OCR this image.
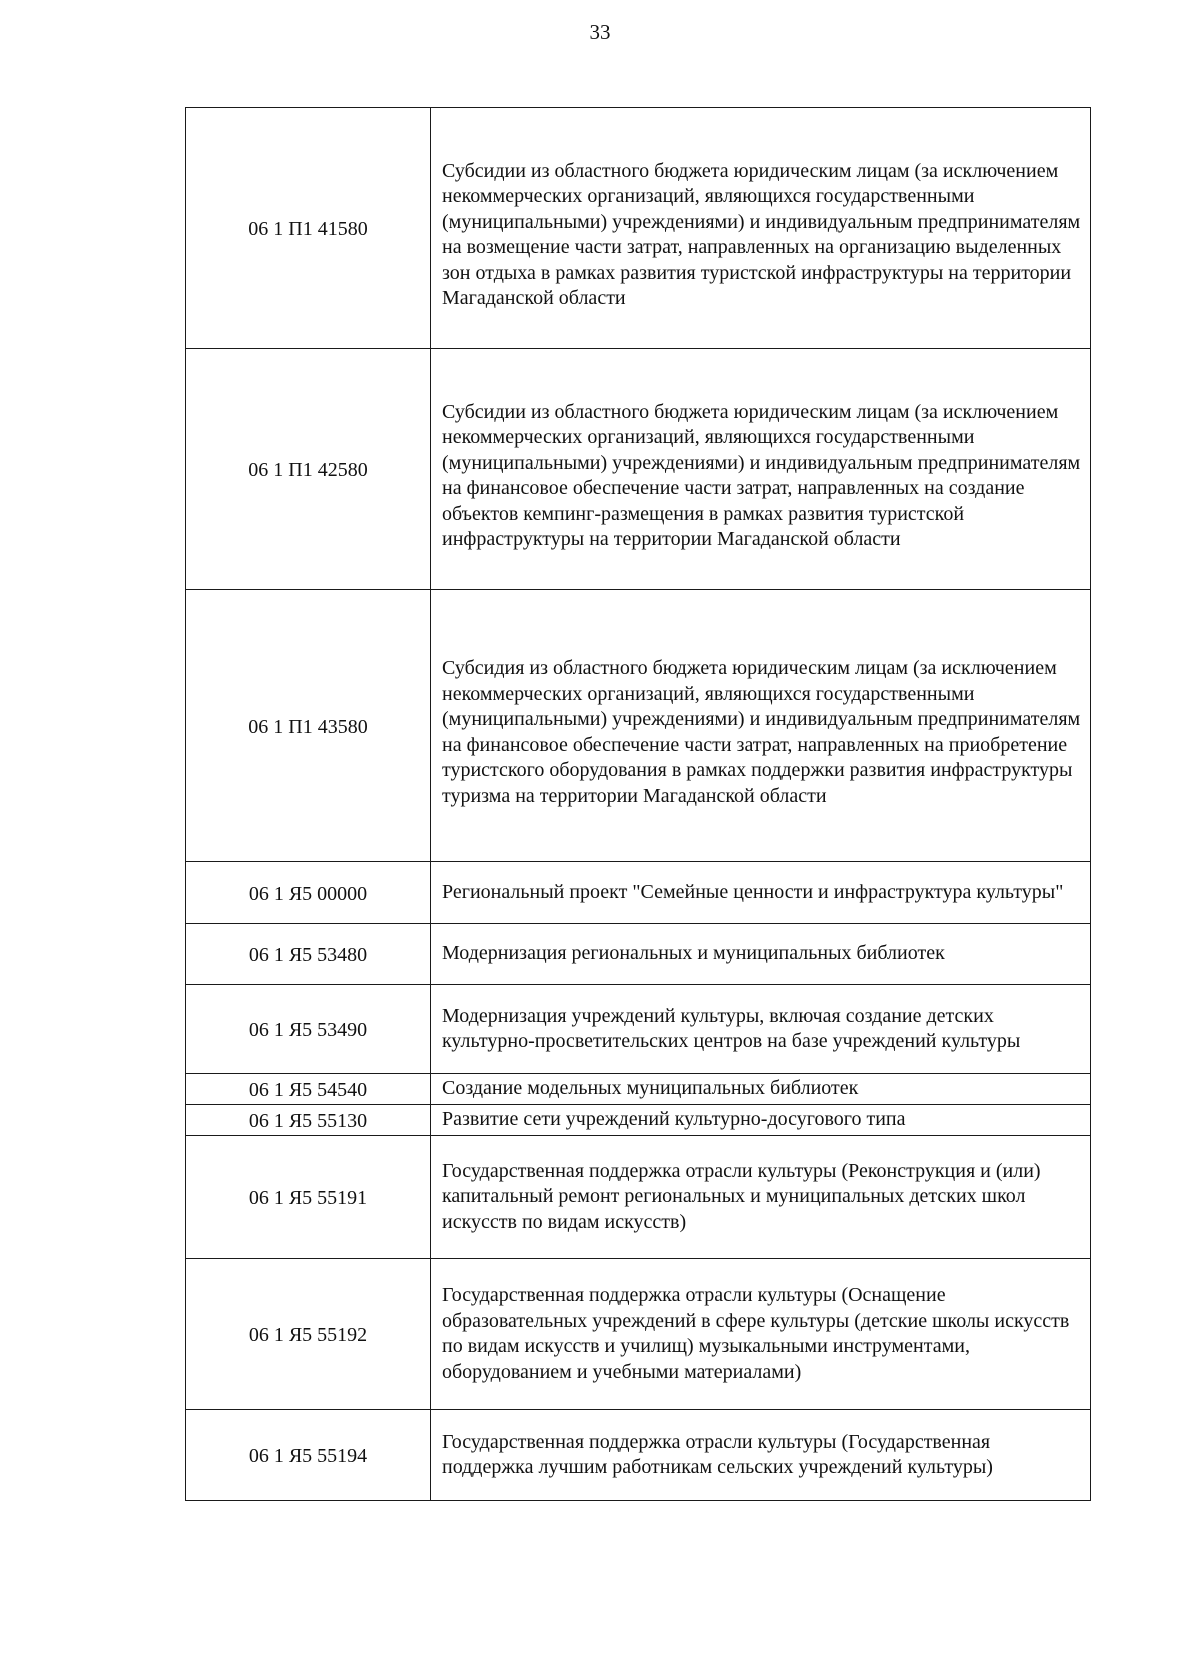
33
06 1 П1 41580	Субсидии из областного бюджета юридическим лицам (за исключением некоммерческих организаций, являющихся государственными (муниципальными) учреждениями) и индивидуальным предпринимателям на возмещение части затрат, направленных на организацию выделенных зон отдыха в рамках развития туристской инфраструктуры на территории Магаданской области

06 1 П1 42580	Субсидии из областного бюджета юридическим лицам (за исключением некоммерческих организаций, являющихся государственными (муниципальными) учреждениями) и индивидуальным предпринимателям на финансовое обеспечение части затрат, направленных на создание объектов кемпинг-размещения в рамках развития туристской инфраструктуры на территории Магаданской области

06 1 П1 43580	Субсидия из областного бюджета юридическим лицам (за исключением некоммерческих организаций, являющихся государственными (муниципальными) учреждениями) и индивидуальным предпринимателям на финансовое обеспечение части затрат, направленных на приобретение туристского оборудования в рамках поддержки развития инфраструктуры туризма на территории Магаданской области

06 1 Я5 00000	Региональный проект "Семейные ценности и инфраструктура культуры"

06 1 Я5 53480	Модернизация региональных и муниципальных библиотек

06 1 Я5 53490	Модернизация учреждений культуры, включая создание детских культурно-просветительских центров на базе учреждений культуры

06 1 Я5 54540	Создание модельных муниципальных библиотек

06 1 Я5 55130	Развитие сети учреждений культурно-досугового типа

06 1 Я5 55191	Государственная поддержка отрасли культуры (Реконструкция и (или) капитальный ремонт региональных и муниципальных детских школ искусств по видам искусств)

06 1 Я5 55192	Государственная поддержка отрасли культуры (Оснащение образовательных учреждений в сфере культуры (детские школы искусств по видам искусств и училищ) музыкальными инструментами, оборудованием и учебными материалами)

06 1 Я5 55194	Государственная поддержка отрасли культуры (Государственная поддержка лучшим работникам сельских учреждений культуры)
